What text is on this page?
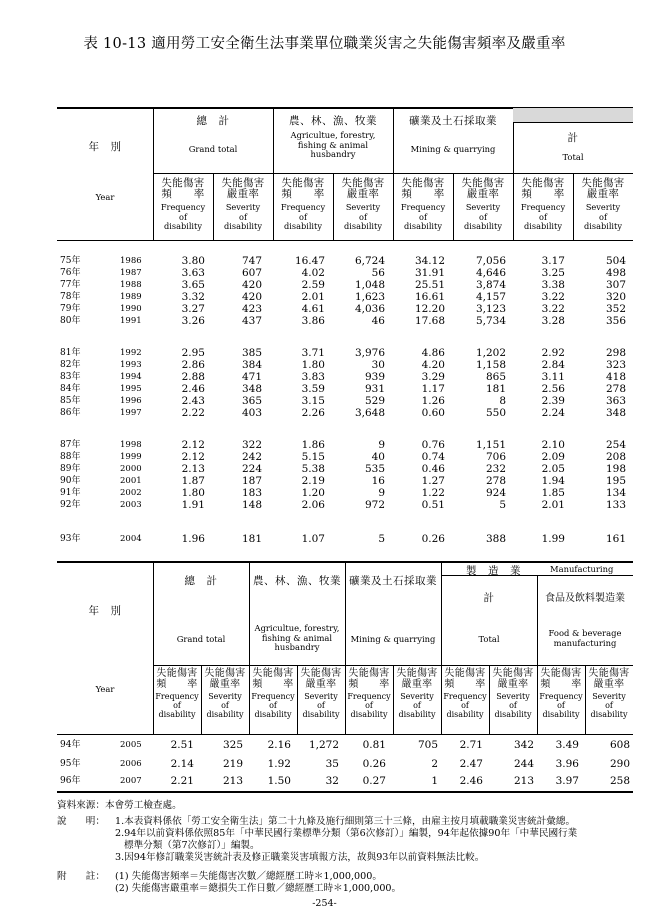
表 10-13 適用勞工安全衛生法事業單位職業災害之失能傷害頻率及嚴重率
年　別
Year
總　計
Grand total
農、林、漁、牧業
Agricultue, forestry,
fishing & animal
husbandry
礦業及土石採取業
Mining & quarrying
計
Total
失能傷害
頻　　率
Frequency
of
disability
失能傷害
嚴重率
Severity
of
disability
失能傷害
頻　　率
Frequency
of
disability
失能傷害
嚴重率
Severity
of
disability
失能傷害
頻　　率
Frequency
of
disability
失能傷害
嚴重率
Severity
of
disability
失能傷害
頻　　率
Frequency
of
disability
失能傷害
嚴重率
Severity
of
disability
75年	1986	3.80	747	16.47	6,724	34.12	7,056	3.17	504
76年	1987	3.63	607	4.02	56	31.91	4,646	3.25	498
77年	1988	3.65	420	2.59	1,048	25.51	3,874	3.38	307
78年	1989	3.32	420	2.01	1,623	16.61	4,157	3.22	320
79年	1990	3.27	423	4.61	4,036	12.20	3,123	3.22	352
80年	1991	3.26	437	3.86	46	17.68	5,734	3.28	356
81年	1992	2.95	385	3.71	3,976	4.86	1,202	2.92	298
82年	1993	2.86	384	1.80	30	4.20	1,158	2.84	323
83年	1994	2.88	471	3.83	939	3.29	865	3.11	418
84年	1995	2.46	348	3.59	931	1.17	181	2.56	278
85年	1996	2.43	365	3.15	529	1.26	8	2.39	363
86年	1997	2.22	403	2.26	3,648	0.60	550	2.24	348
87年	1998	2.12	322	1.86	9	0.76	1,151	2.10	254
88年	1999	2.12	242	5.15	40	0.74	706	2.09	208
89年	2000	2.13	224	5.38	535	0.46	232	2.05	198
90年	2001	1.87	187	2.19	16	1.27	278	1.94	195
91年	2002	1.80	183	1.20	9	1.22	924	1.85	134
92年	2003	1.91	148	2.06	972	0.51	5	2.01	133
93年	2004	1.96	181	1.07	5	0.26	388	1.99	161
年　別
Year
總　計
Grand total
農、林、漁、牧業
Agricultue, forestry,
fishing & animal
husbandry
礦業及土石採取業
Mining & quarrying
製　造　業	Manufacturing
計
Total
食品及飲料製造業
Food & beverage
manufacturing
失能傷害
頻　　率
Frequency
of
disability
失能傷害
嚴重率
Severity
of
disability
失能傷害
頻　　率
Frequency
of
disability
失能傷害
嚴重率
Severity
of
disability
失能傷害
頻　　率
Frequency
of
disability
失能傷害
嚴重率
Severity
of
disability
失能傷害
頻　　率
Frequency
of
disability
失能傷害
嚴重率
Severity
of
disability
失能傷害
頻　　率
Frequency
of
disability
失能傷害
嚴重率
Severity
of
disability
94年	2005	2.51	325	2.16	1,272	0.81	705	2.71	342	3.49	608
95年	2006	2.14	219	1.92	35	0.26	2	2.47	244	3.96	290
96年	2007	2.21	213	1.50	32	0.27	1	2.46	213	3.97	258
資料來源：本會勞工檢查處。
說　　明： 1.本表資料係依「勞工安全衛生法」第二十九條及施行細則第三十三條，由雇主按月填載職業災害統計彙總。
2.94年以前資料係依照85年「中華民國行業標準分類（第6次修訂）」編製，94年起依據90年「中華民國行業
標準分類（第7次修訂）」編製。
3.因94年修訂職業災害統計表及修正職業災害填報方法，故與93年以前資料無法比較。
附　　註： (1) 失能傷害頻率＝失能傷害次數／總經歷工時＊1,000,000。
(2) 失能傷害嚴重率＝總損失工作日數／總經歷工時＊1,000,000。
-254-
